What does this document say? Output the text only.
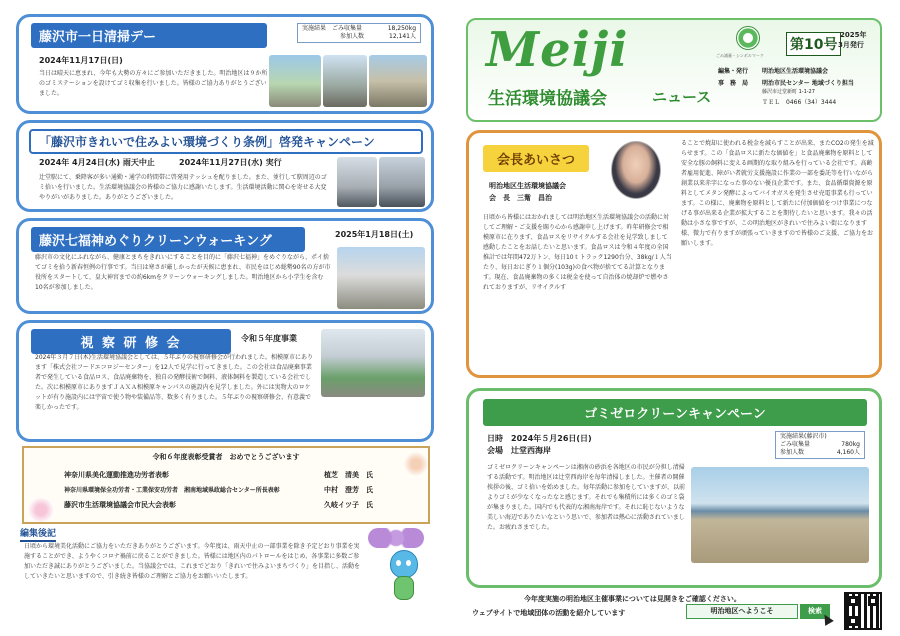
藤沢市一日清掃デー
実施結果　ごみ収集量	18,250kg
参加人数	12,141人
2024年11月17日(日)
当日は晴天に恵まれ、今年も大勢の方々にご参加いただきました。明治地区は９か所のゴミステーションを設けてゴミ収集を行いました。皆様のご協力ありがとうございました。
「藤沢市きれいで住みよい環境づくり条例」啓発キャンペーン
2024年 4月24日(水) 雨天中止	2024年11月27日(水) 実行
辻堂駅にて、乗降客が多い通勤・通学の時間帯に啓発用テッシュを配りました。また、並行して駅周辺のゴミ拾いを行いました。生活環境協議会の皆様のご協力に感謝いたします。生活環境活動に関心を寄せる大変やりがいがありました。ありがとうございました。
藤沢七福神めぐりクリーンウォーキング	2025年1月18日(土)
藤沢市の文化にふれながら、健康とまちをきれいにすることを目的に「藤沢七福神」をめぐりながら、ポイ捨てゴミを拾う新春恒例の行事です。当日は寒さが厳しかったが天候に恵まれ、市民をはじめ総勢90名の方が市役所をスタートして、皇大神宮までの約6kmをクリーンウォーキングしました。明治地区から小学生を含む10名が参加しました。
視 察 研 修 会	令和５年度事業
2024年３月７日(木)生活環境協議会としては、５年ぶりの視察研修会が行われました。相模原市にあります「株式会社フードエコロジーセンター」を12人で見学に行ってきました。この会社は食品廃棄事業者で発生している食品ロス、食品廃棄物を、独自の発酵技術で飼料、液体飼料を製造している会社でした。次に相模原市にありますＪＡＸＡ相模原キャンパスの施設内を見学しました。外には実物大のロケットが有り施設内には宇宙で使う物や装備品等、数多く有りました。５年ぶりの視察研修会、有意義で楽しかったです。
令和６年度表彰受賞者　おめでとうございます
神奈川県美化運動推進功労者表彰	植芝　清美　氏
神奈川県環境保全功労者・工業保安功労者　湘南地域県政総合センター所長表彰	中村　澄芳　氏
藤沢市生活環境協議会市民大会表彰	久岐イツ子　氏
編集後記
日頃から環境美化活動にご協力をいただきありがとうございます。今年度は、雨天中止の一部事業を除き予定どおり事業を実施することができ、ようやくコロナ禍前に戻ることができました。皆様には地区内のパトロールをはじめ、各事業に多数ご参加いただき誠にありがとうございました。当協議会では、これまでどおり「きれいで住みよいまちづくり」を目指し、活動をしていきたいと思いますので、引き続き皆様のご理解とご協力をお願いいたします。
Meiji
生活環境協議会	ニュース
ごみ減量・シンボルマーク
第10号
2025年
3月発行
編集・発行 明治地区生活環境協議会
事　務　局 明治市民センター 地域づくり担当
藤沢市辻堂新町 1-1-27
ＴＥＬ　0466（34）3444
会長あいさつ
明治地区生活環境協議会
会　長　三觜　昌治
日頃から皆様にはおかれましては明治地区生活環境協議会の活動に対してご理解・ご支援を賜り心から感謝申し上げます。昨年研修会で相模原市に在ります、食品ロスをリサイクルする会社を見学致しまして感動したことをお話したいと思います。食品ロスは令和４年度の全国推計では年間472万トン、毎日10ｔトラック1290台分、38kg/１人当たり、毎日おにぎり１個分(103g)の食べ物が捨ててる計算となります。現在、食品廃棄物の多くは税金を使って自治体の焼却炉で燃やされておりますが、リサイクルす
ることで焼却に使われる税金を減らすことが出来、またCO2の発生を減らせます。この「食品ロスに新たな価値を」と食品廃棄物を原料として安全な豚の飼料に変える画期的な取り組みを行っている会社です。高齢者雇用促進、障がい者就労支援施設に作業の一部を委託等を行いながら創業以来赤字になった事のない優良企業です。また、食品循環資源を原料としてメタン発酵によってバイオガスを発生させ売電事業も行っています。この様に、廃棄物を原料として新たに付加価値をつけ事業につなげる事が出来る企業が拡大することを期待したいと思います。我々の活動は小さな事ですが、この明治地区がきれいで住みよい街になります様、微力で有りますが頑張っていきますので皆様のご支援、ご協力をお願いします。
ゴミゼロクリーンキャンペーン
日時　2024年５月26日(日)
会場　辻堂西海岸
実施結果(藤沢市)
ごみ収集量	780kg
参加人数	4,160人
ゴミゼロクリーンキャンペーンは湘南の砂浜を各地区の市民が分担し清掃する活動です。明治地区は辻堂西海岸を毎年清掃しました。主催者の開催挨拶の後、ゴミ拾いを始めました。毎年活動に参加をしていますが、以前よりゴミが少なくなったなと感じます。それでも集積所には多くのゴミ袋が集まりました。国内でも代表的な湘南海岸です。それに恥じないような美しい海辺でありたいなという思いで、参加者は熱心に活動されていました。お疲れさまでした。
今年度実施の明治地区主催事業については見開きをご確認ください。
ウェブサイトで地域団体の活動を紹介しています	明治地区へようこそ	検索
